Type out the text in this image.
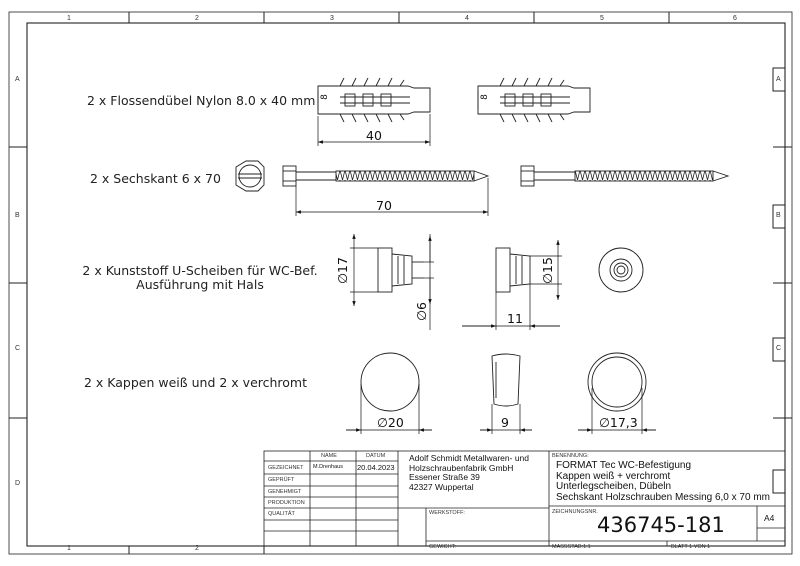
1	2	3	4	5	6
1	2
A
B
C
D
A
B
C
2 x Flossendübel Nylon 8.0 x 40 mm
2 x Sechskant 6 x 70
2 x Kunststoff U-Scheiben für WC-Bef.
Ausführung mit Hals
2 x Kappen weiß und 2 x verchromt
8	8
40
70
∅17
∅6
∅15
11
∅20	9	∅17,3
NAME	DATUM
GEZEICHNET
GEPRÜFT
GENEHMIGT
PRODUKTION
QUALITÄT
M.Drenhaus 20.04.2023
Adolf Schmidt Metallwaren- und
Holzschraubenfabrik GmbH
Essener Straße 39
42327 Wuppertal
BENENNUNG:
FORMAT Tec WC-Befestigung
Kappen weiß + verchromt
Unterlegscheiben, Dübeln
Sechskant Holzschrauben Messing 6,0 x 70 mm
WERKSTOFF:	ZEICHNUNGSNR.
436745-181	A4
GEWICHT:	MASSSTAB:1:1	BLATT 1 VON 1
